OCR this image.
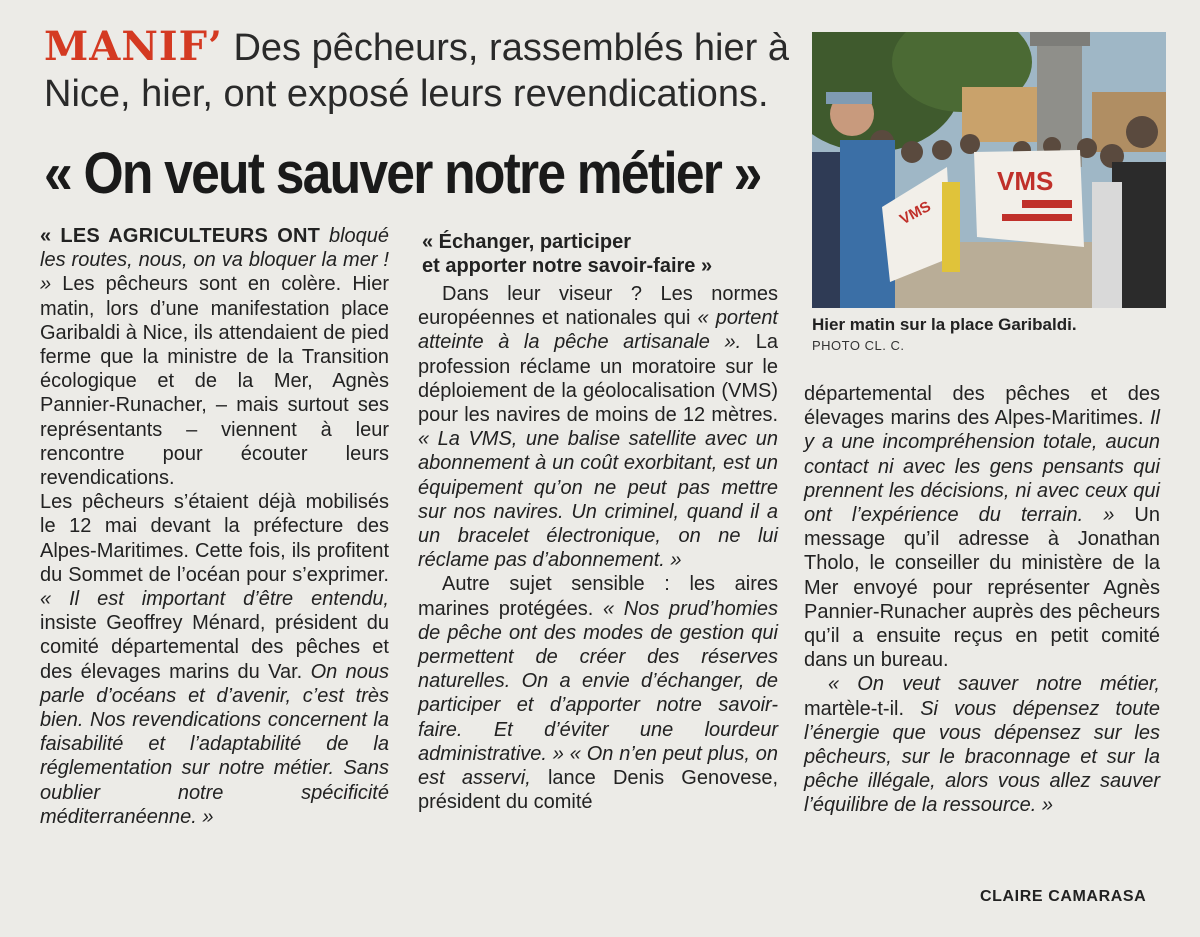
MANIF’ Des pêcheurs, rassemblés hier à Nice, hier, ont exposé leurs revendications.
« On veut sauver notre métier »

« LES AGRICULTEURS ONT bloqué les routes, nous, on va bloquer la mer ! » Les pêcheurs sont en colère. Hier matin, lors d’une manifestation place Garibaldi à Nice, ils attendaient de pied ferme que la ministre de la Transition écologique et de la Mer, Agnès Pannier-Runacher, – mais surtout ses représentants – viennent à leur rencontre pour écouter leurs revendications.

Les pêcheurs s’étaient déjà mobilisés le 12 mai devant la préfecture des Alpes-Maritimes. Cette fois, ils profitent du Sommet de l’océan pour s’exprimer. « Il est important d’être entendu, insiste Geoffrey Ménard, président du comité départemental des pêches et des élevages marins du Var. On nous parle d’océans et d’avenir, c’est très bien. Nos revendications concernent la faisabilité et l’adaptabilité de la réglementation sur notre métier. Sans oublier notre spécificité méditerranéenne. »

« Échanger, participer
et apporter notre savoir-faire »

Dans leur viseur ? Les normes européennes et nationales qui « portent atteinte à la pêche artisanale ». La profession réclame un moratoire sur le déploiement de la géolocalisation (VMS) pour les navires de moins de 12 mètres. « La VMS, une balise satellite avec un abonnement à un coût exorbitant, est un équipement qu’on ne peut pas mettre sur nos navires. Un criminel, quand il a un bracelet électronique, on ne lui réclame pas d’abonnement. »

Autre sujet sensible : les aires marines protégées. « Nos prud’homies de pêche ont des modes de gestion qui permettent de créer des réserves naturelles. On a envie d’échanger, de participer et d’apporter notre savoir-faire. Et d’éviter une lourdeur administrative. » « On n’en peut plus, on est asservi, lance Denis Genovese, président du comité

VMS
VMS
Hier matin sur la place Garibaldi.
PHOTO CL. C.

départemental des pêches et des élevages marins des Alpes-Maritimes. Il y a une incompréhension totale, aucun contact ni avec les gens pensants qui prennent les décisions, ni avec ceux qui ont l’expérience du terrain. » Un message qu’il adresse à Jonathan Tholo, le conseiller du ministère de la Mer envoyé pour représenter Agnès Pannier-Runacher auprès des pêcheurs qu’il a ensuite reçus en petit comité dans un bureau.

« On veut sauver notre métier, martèle-t-il. Si vous dépensez toute l’énergie que vous dépensez sur les pêcheurs, sur le braconnage et sur la pêche illégale, alors vous allez sauver l’équilibre de la ressource. »

CLAIRE CAMARASA
